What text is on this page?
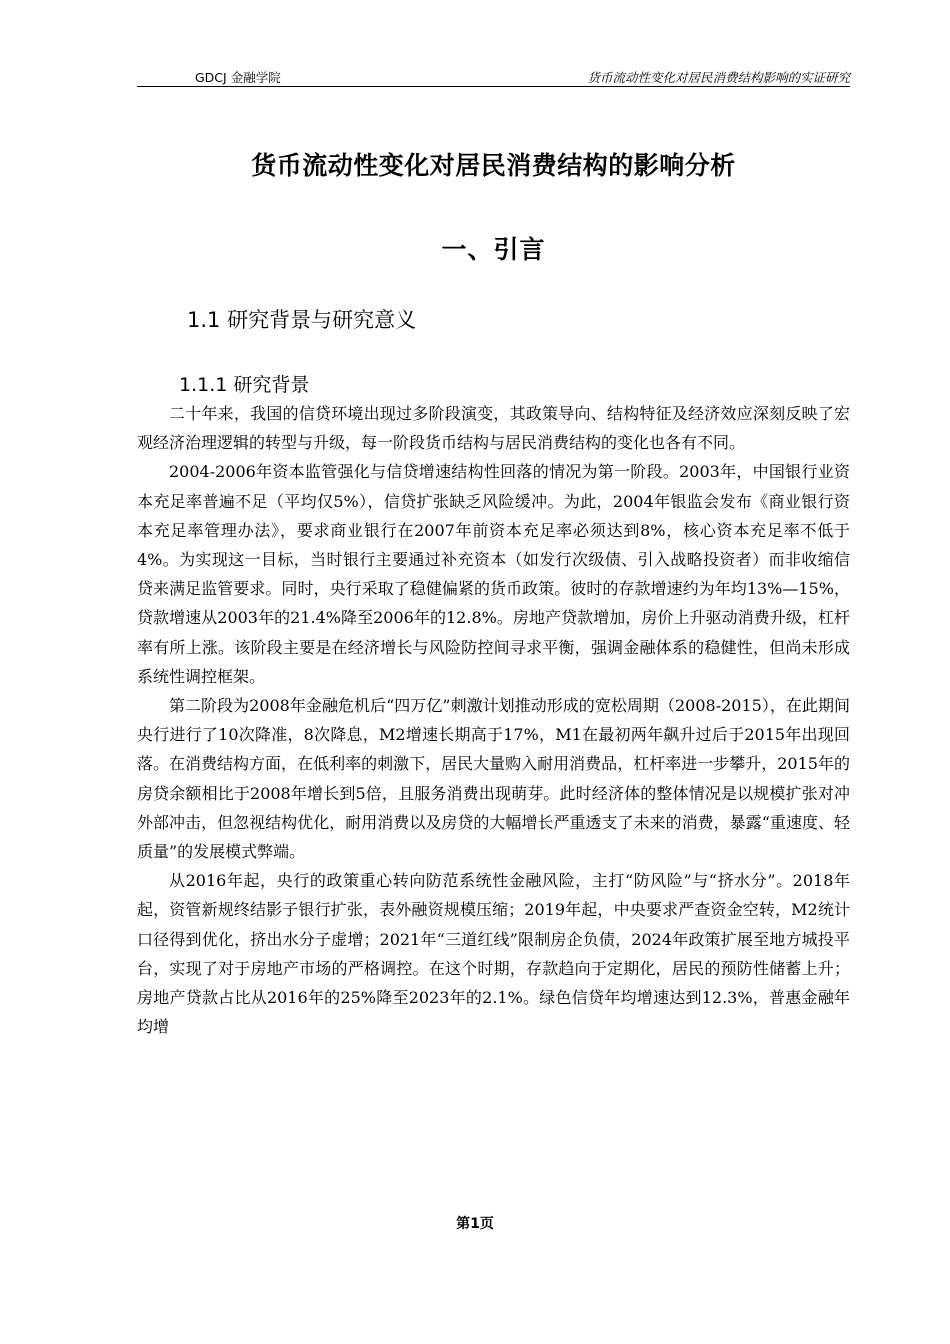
GDCJ 金融学院	货币流动性变化对居民消费结构影响的实证研究
货币流动性变化对居民消费结构的影响分析
一、引言
1.1 研究背景与研究意义
1.1.1 研究背景

二十年来，我国的信贷环境出现过多阶段演变，其政策导向、结构特征及经济效应深刻反映了宏观经济治理逻辑的转型与升级，每一阶段货币结构与居民消费结构的变化也各有不同。

2004-2006年资本监管强化与信贷增速结构性回落的情况为第一阶段。2003年，中国银行业资本充足率普遍不足（平均仅5%），信贷扩张缺乏风险缓冲。为此，2004年银监会发布《商业银行资本充足率管理办法》，要求商业银行在2007年前资本充足率必须达到8%，核心资本充足率不低于4%。为实现这一目标，当时银行主要通过补充资本（如发行次级债、引入战略投资者）而非收缩信贷来满足监管要求。同时，央行采取了稳健偏紧的货币政策。彼时的存款增速约为年均13%—15%，贷款增速从2003年的21.4%降至2006年的12.8%。房地产贷款增加，房价上升驱动消费升级，杠杆率有所上涨。该阶段主要是在经济增长与风险防控间寻求平衡，强调金融体系的稳健性，但尚未形成系统性调控框架。

第二阶段为2008年金融危机后“四万亿”刺激计划推动形成的宽松周期（2008-2015），在此期间央行进行了10次降准，8次降息，M2增速长期高于17%，M1在最初两年飙升过后于2015年出现回落。在消费结构方面，在低利率的刺激下，居民大量购入耐用消费品，杠杆率进一步攀升，2015年的房贷余额相比于2008年增长到5倍，且服务消费出现萌芽。此时经济体的整体情况是以规模扩张对冲外部冲击，但忽视结构优化，耐用消费以及房贷的大幅增长严重透支了未来的消费，暴露“重速度、轻质量”的发展模式弊端。

从2016年起，央行的政策重心转向防范系统性金融风险，主打“防风险”与“挤水分”。2018年起，资管新规终结影子银行扩张，表外融资规模压缩；2019年起，中央要求严查资金空转，M2统计口径得到优化，挤出水分子虚增；2021年“三道红线”限制房企负债，2024年政策扩展至地方城投平台，实现了对于房地产市场的严格调控。在这个时期，存款趋向于定期化，居民的预防性储蓄上升；房地产贷款占比从2016年的25%降至2023年的2.1%。绿色信贷年均增速达到12.3%，普惠金融年均增

第1页
